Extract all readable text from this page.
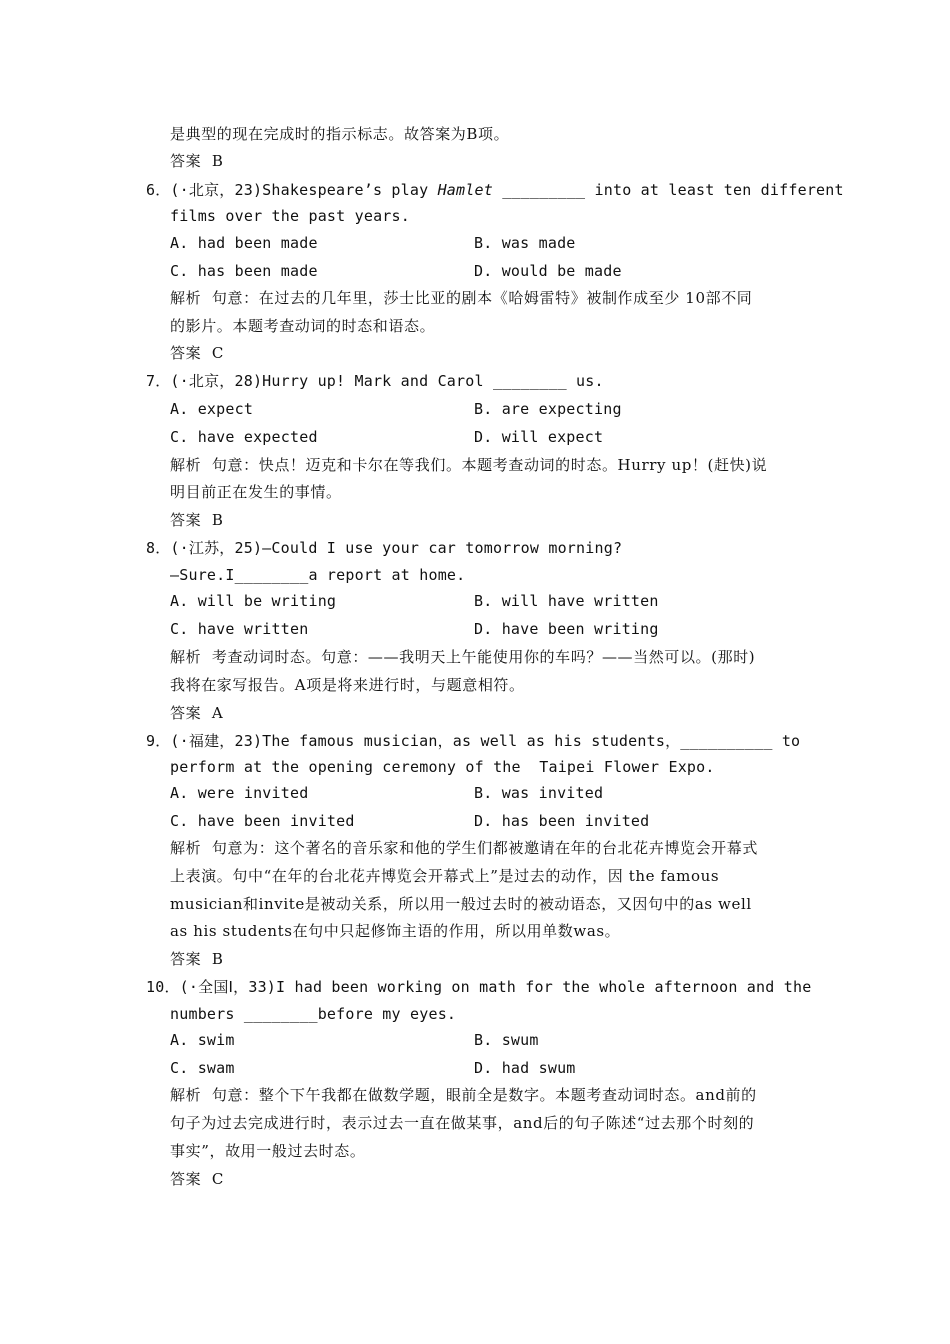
是典型的现在完成时的指示标志。故答案为B项。
答案  B
6．(·北京，23)Shakespeare’s play Hamlet _________ into at least ten different
films over the past years.
A. had been made	B. was made
C. has been made	D. would be made
解析  句意：在过去的几年里，莎士比亚的剧本《哈姆雷特》被制作成至少 10部不同
的影片。本题考查动词的时态和语态。
答案  C
7．(·北京，28)Hurry up! Mark and Carol ________ us.
A. expect	B. are expecting
C. have expected	D. will expect
解析  句意：快点！迈克和卡尔在等我们。本题考查动词的时态。Hurry up！(赶快)说
明目前正在发生的事情。
答案  B
8．(·江苏，25)—Could I use your car tomorrow morning?
—Sure.I________a report at home.
A. will be writing	B. will have written
C. have written	D. have been writing
解析  考查动词时态。句意：——我明天上午能使用你的车吗？——当然可以。(那时)
我将在家写报告。A项是将来进行时，与题意相符。
答案  A
9．(·福建，23)The famous musician，as well as his students，__________ to
perform at the opening ceremony of the  Taipei Flower Expo.
A. were invited	B. was invited
C. have been invited	D. has been invited
解析  句意为：这个著名的音乐家和他的学生们都被邀请在年的台北花卉博览会开幕式
上表演。句中“在年的台北花卉博览会开幕式上”是过去的动作，因 the famous
musician和invite是被动关系，所以用一般过去时的被动语态，又因句中的as well
as his students在句中只起修饰主语的作用，所以用单数was。
答案  B
10．(·全国Ⅰ，33)I had been working on math for the whole afternoon and the
numbers ________before my eyes.
A. swim	B. swum
C. swam	D. had swum
解析  句意：整个下午我都在做数学题，眼前全是数字。本题考查动词时态。and前的
句子为过去完成进行时，表示过去一直在做某事，and后的句子陈述“过去那个时刻的
事实”，故用一般过去时态。
答案  C
